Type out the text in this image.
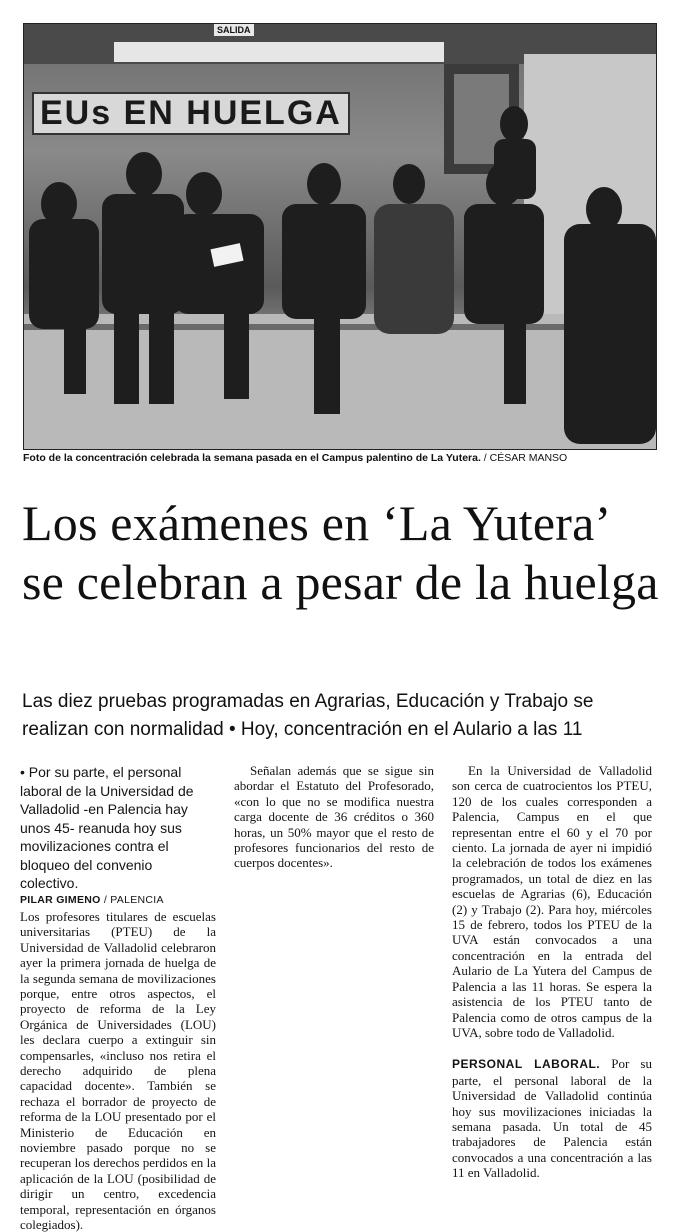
SALIDA
EUs EN HUELGA
Foto de la concentración celebrada la semana pasada en el Campus palentino de La Yutera. / CÉSAR MANSO
Los exámenes en ‘La Yutera’ se celebran a pesar de la huelga

Las diez pruebas programadas en Agrarias, Educación y Trabajo se realizan con normalidad • Hoy, concentración en el Aulario a las 11

• Por su parte, el personal laboral de la Universidad de Valladolid -en Palencia hay unos 45- reanuda hoy sus movilizaciones contra el bloqueo del convenio colectivo.

PILAR GIMENO / PALENCIA

Los profesores titulares de escuelas universitarias (PTEU) de la Universidad de Valladolid celebraron ayer la primera jornada de huelga de la segunda semana de movilizaciones porque, entre otros aspectos, el proyecto de reforma de la Ley Orgánica de Universidades (LOU) les declara cuerpo a extinguir sin compensarles, «incluso nos retira el derecho adquirido de plena capacidad docente». También se rechaza el borrador de proyecto de reforma de la LOU presentado por el Ministerio de Educación en noviembre pasado porque no se recuperan los derechos perdidos en la aplicación de la LOU (posibilidad de dirigir un centro, excedencia temporal, representación en órganos colegiados).

Señalan además que se sigue sin abordar el Estatuto del Profesorado, «con lo que no se modifica nuestra carga docente de 36 créditos o 360 horas, un 50% mayor que el resto de profesores funcionarios del resto de cuerpos docentes».

En la Universidad de Valladolid son cerca de cuatrocientos los PTEU, 120 de los cuales corresponden a Palencia, Campus en el que representan entre el 60 y el 70 por ciento. La jornada de ayer ni impidió la celebración de todos los exámenes programados, un total de diez en las escuelas de Agrarias (6), Educación (2) y Trabajo (2). Para hoy, miércoles 15 de febrero, todos los PTEU de la UVA están convocados a una concentración en la entrada del Aulario de La Yutera del Campus de Palencia a las 11 horas. Se espera la asistencia de los PTEU tanto de Palencia como de otros campus de la UVA, sobre todo de Valladolid.

PERSONAL LABORAL. Por su parte, el personal laboral de la Universidad de Valladolid continúa hoy sus movilizaciones iniciadas la semana pasada. Un total de 45 trabajadores de Palencia están convocados a una concentración a las 11 en Valladolid.
